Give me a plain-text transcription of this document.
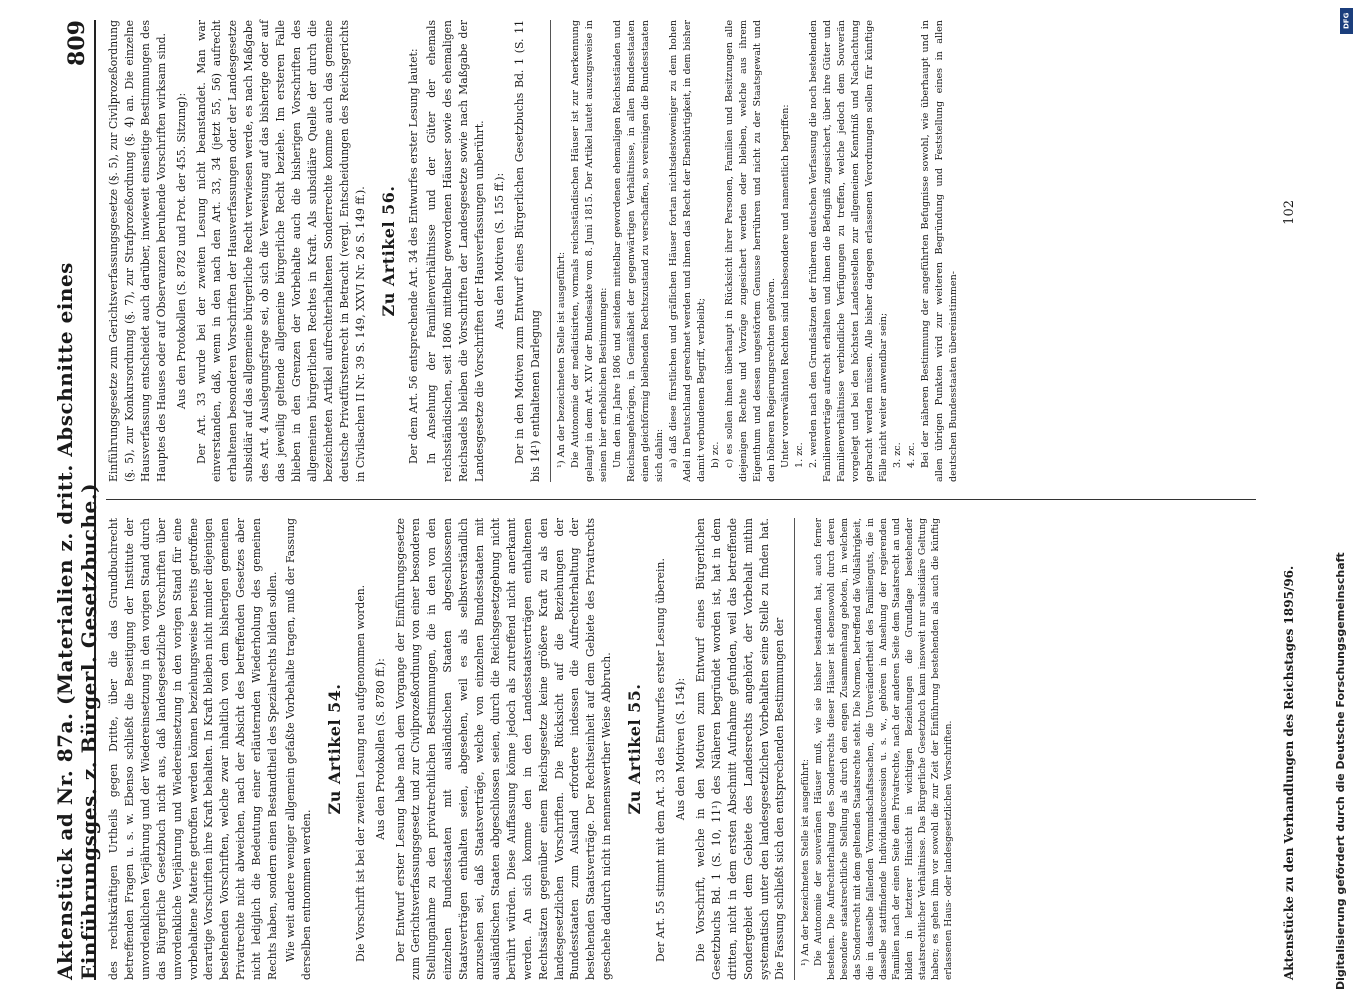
Aktenstück ad Nr. 87a. (Materialien z. dritt. Abschnitte eines Einführungsges. z. Bürgerl. Gesetzbuche.)
809

des rechtskräftigen Urtheils gegen Dritte, über die das Grundbuchrecht betreffenden Fragen u. s. w. Ebenso schließt die Beseitigung der Institute der unvordenklichen Verjährung und der Wiedereinsetzung in den vorigen Stand durch das Bürgerliche Gesetzbuch nicht aus, daß landesgesetzliche Vorschriften über unvordenkliche Verjährung und Wiedereinsetzung in den vorigen Stand für eine vorbehaltene Materie getroffen werden können beziehungsweise bereits getroffene derartige Vorschriften ihre Kraft behalten. In Kraft bleiben nicht minder diejenigen bestehenden Vorschriften, welche zwar inhaltlich von dem bisherigen gemeinen Privatrechte nicht abweichen, nach der Absicht des betreffenden Gesetzes aber nicht lediglich die Bedeutung einer erläuternden Wiederholung des gemeinen Rechts haben, sondern einen Bestandtheil des Spezialrechts bilden sollen. Wie weit andere weniger allgemein gefaßte Vorbehalte tragen, muß der Fassung derselben entnommen werden.

Zu Artikel 54. Die Vorschrift ist bei der zweiten Lesung neu aufgenommen worden. Aus den Protokollen (S. 8780 ff.): Der Entwurf erster Lesung habe nach dem Vorgange der Einführungsgesetze zum Gerichtsverfassungsgesetz und zur Civilprozeßordnung von einer besonderen Stellungnahme zu den privatrechtlichen Bestimmungen, die in den von den einzelnen Bundesstaaten mit ausländischen Staaten abgeschlossenen Staatsverträgen enthalten seien, abgesehen, weil es als selbstverständlich anzusehen sei, daß Staatsverträge, welche von einzelnen Bundesstaaten mit ausländischen Staaten abgeschlossen seien, durch die Reichsgesetzgebung nicht berührt würden. Diese Auffassung könne jedoch als zutreffend nicht anerkannt werden. An sich komme den in den Landesstaatsverträgen enthaltenen Rechtssätzen gegenüber einem Reichsgesetze keine größere Kraft zu als den landesgesetzlichen Vorschriften. Die Rücksicht auf die Beziehungen der Bundesstaaten zum Ausland erfordere indessen die Aufrechterhaltung der bestehenden Staatsverträge. Der Rechtseinheit auf dem Gebiete des Privatrechts geschehe dadurch nicht in nennenswerther Weise Abbruch. Zu Artikel 55. Der Art. 55 stimmt mit dem Art. 33 des Entwurfes erster Lesung überein. Aus den Motiven (S. 154): Die Vorschrift, welche in den Motiven zum Entwurf eines Bürgerlichen Gesetzbuchs Bd. 1 (S. 10, 11¹) des Näheren begründet worden ist, hat in dem dritten, nicht in dem ersten Abschnitt Aufnahme gefunden, weil das betreffende Sondergebiet dem Gebiete des Landesrechts angehört, der Vorbehalt mithin systematisch unter den landesgesetzlichen Vorbehalten seine Stelle zu finden hat. Die Fassung schließt sich den entsprechenden Bestimmungen der ¹) An der bezeichneten Stelle ist ausgeführt: Die Autonomie der souveränen Häuser muß, wie sie bisher bestanden hat, auch ferner bestehen. Die Aufrechterhaltung des Sonderrechts dieser Häuser ist ebensowohl durch deren besondere staatsrechtliche Stellung als durch den engen Zusammenhang geboten, in welchem das Sonderrecht mit dem geltenden Staatsrechte steht. Die Normen, betreffend die Vollsährigkeit, die in dasselbe fallenden Vormundschaftssachen, die Unverändertheit des Familienguts, die in dasselbe stattfindende Individualsuccession u. s. w., gehören in Ansehung der regierenden Familien nach der einen Seite dem Privatrechte, nach der anderen Seite dem Staatsrecht an und bilden in letzterer Hinsicht in wichtigen Beziehungen die Grundlage bestehender staatsrechtlicher Verhältnisse. Das Bürgerliche Gesetzbuch kann insoweit nur subsidiäre Geltung haben; es gehen ihm vor sowohl die zur Zeit der Einführung bestehenden als auch die künftig erlassenen Haus- oder landesgesetzlichen Vorschriften.

Einführungsgesetze zum Gerichtsverfassungsgesetze (§. 5), zur Civilprozeßordnung (§. 5), zur Konkursordnung (§. 7), zur Strafprozeßordnung (§. 4) an. Die einzelne Hausverfassung entscheidet auch darüber, inwieweit einseitige Bestimmungen des Hauptes des Hauses oder auf Observanzen beruhende Vorschriften wirksam sind. Aus den Protokollen (S. 8782 und Prot. der 455. Sitzung): Der Art. 33 wurde bei der zweiten Lesung nicht beanstandet. Man war einverstanden, daß, wenn in den nach den Art. 33, 34 (jetzt 55, 56) aufrecht erhaltenen besonderen Vorschriften der Hausverfassungen oder der Landesgesetze subsidiär auf das allgemeine bürgerliche Recht verwiesen werde, es nach Maßgabe des Art. 4 Auslegungsfrage sei, ob sich die Verweisung auf das bisherige oder auf das jeweilig geltende allgemeine bürgerliche Recht beziehe. Im ersteren Falle blieben in den Grenzen der Vorbehalte auch die bisherigen Vorschriften des allgemeinen bürgerlichen Rechtes in Kraft. Als subsidiäre Quelle der durch die bezeichneten Artikel aufrechterhaltenen Sonderrechte komme auch das gemeine deutsche Privatfürstenrecht in Betracht (vergl. Entscheidungen des Reichsgerichts in Civilsachen II Nr. 39 S. 149, XXVI Nr. 26 S. 149 ff.). Zu Artikel 56. Der dem Art. 56 entsprechende Art. 34 des Entwurfes erster Lesung lautet: In Ansehung der Familienverhältnisse und der Güter der ehemals reichsständischen, seit 1806 mittelbar gewordenen Häuser sowie des ehemaligen Reichsadels bleiben die Vorschriften der Landesgesetze sowie nach Maßgabe der Landesgesetze die Vorschriften der Hausverfassungen unberührt. Aus den Motiven (S. 155 ff.): Der in den Motiven zum Entwurf eines Bürgerlichen Gesetzbuchs Bd. 1 (S. 11 bis 14¹) enthaltenen Darlegung ¹) An der bezeichneten Stelle ist ausgeführt: Die Autonomie der mediatisirten, vormals reichsständischen Häuser ist zur Anerkennung gelangt in dem Art. XIV der Bundesakte vom 8. Juni 1815. Der Artikel lautet auszugsweise in seinen hier erheblichen Bestimmungen: Um den im Jahre 1806 und seitdem mittelbar gewordenen ehemaligen Reichsständen und Reichsangehörigen, in Gemäßheit der gegenwärtigen Verhältnisse, in allen Bundesstaaten einen gleichförmig bleibenden Rechtszustand zu verschaffen, so vereinigen die Bundesstaaten sich dahin: a) daß diese fürstlichen und gräflichen Häuser fortan nichtsdestoweniger zu dem hohen Adel in Deutschland gerechnet werden und ihnen das Recht der Ebenbürtigkeit, in dem bisher damit verbundenen Begriff, verbleibt; b) zc. c) es sollen ihnen überhaupt in Rücksicht ihrer Personen, Familien und Besitzungen alle diejenigen Rechte und Vorzüge zugesichert werden oder bleiben, welche aus ihrem Eigenthum und dessen ungestörtem Genusse herrühren und nicht zu der Staatsgewalt und den höheren Regierungsrechten gehören. Unter vorerwähnten Rechten sind insbesondere und namentlich begriffen: 1. zc. 2. werden nach den Grundsätzen der früheren deutschen Verfassung die noch bestehenden Familienverträge aufrecht erhalten und ihnen die Befugniß zugesichert, über ihre Güter und Familienverhältnisse verbindliche Verfügungen zu treffen, welche jedoch dem Souverän vorgelegt und bei den höchsten Landesstellen zur allgemeinen Kenntniß und Nachachtung gebracht werden müssen. Alle bisher dagegen erlassenen Verordnungen sollen für künftige Fälle nicht weiter anwendbar sein; 3. zc. 4. zc. Bei der näheren Bestimmung der angeführten Befugnisse sowohl, wie überhaupt und in allen übrigen Punkten wird zur weiteren Begründung und Feststellung eines in allen deutschen Bundesstaaten übereinstimmen-

Aktenstücke zu den Verhandlungen des Reichstages 1895/96.
102
Digitalisierung gefördert durch die Deutsche Forschungsgemeinschaft
DFG
